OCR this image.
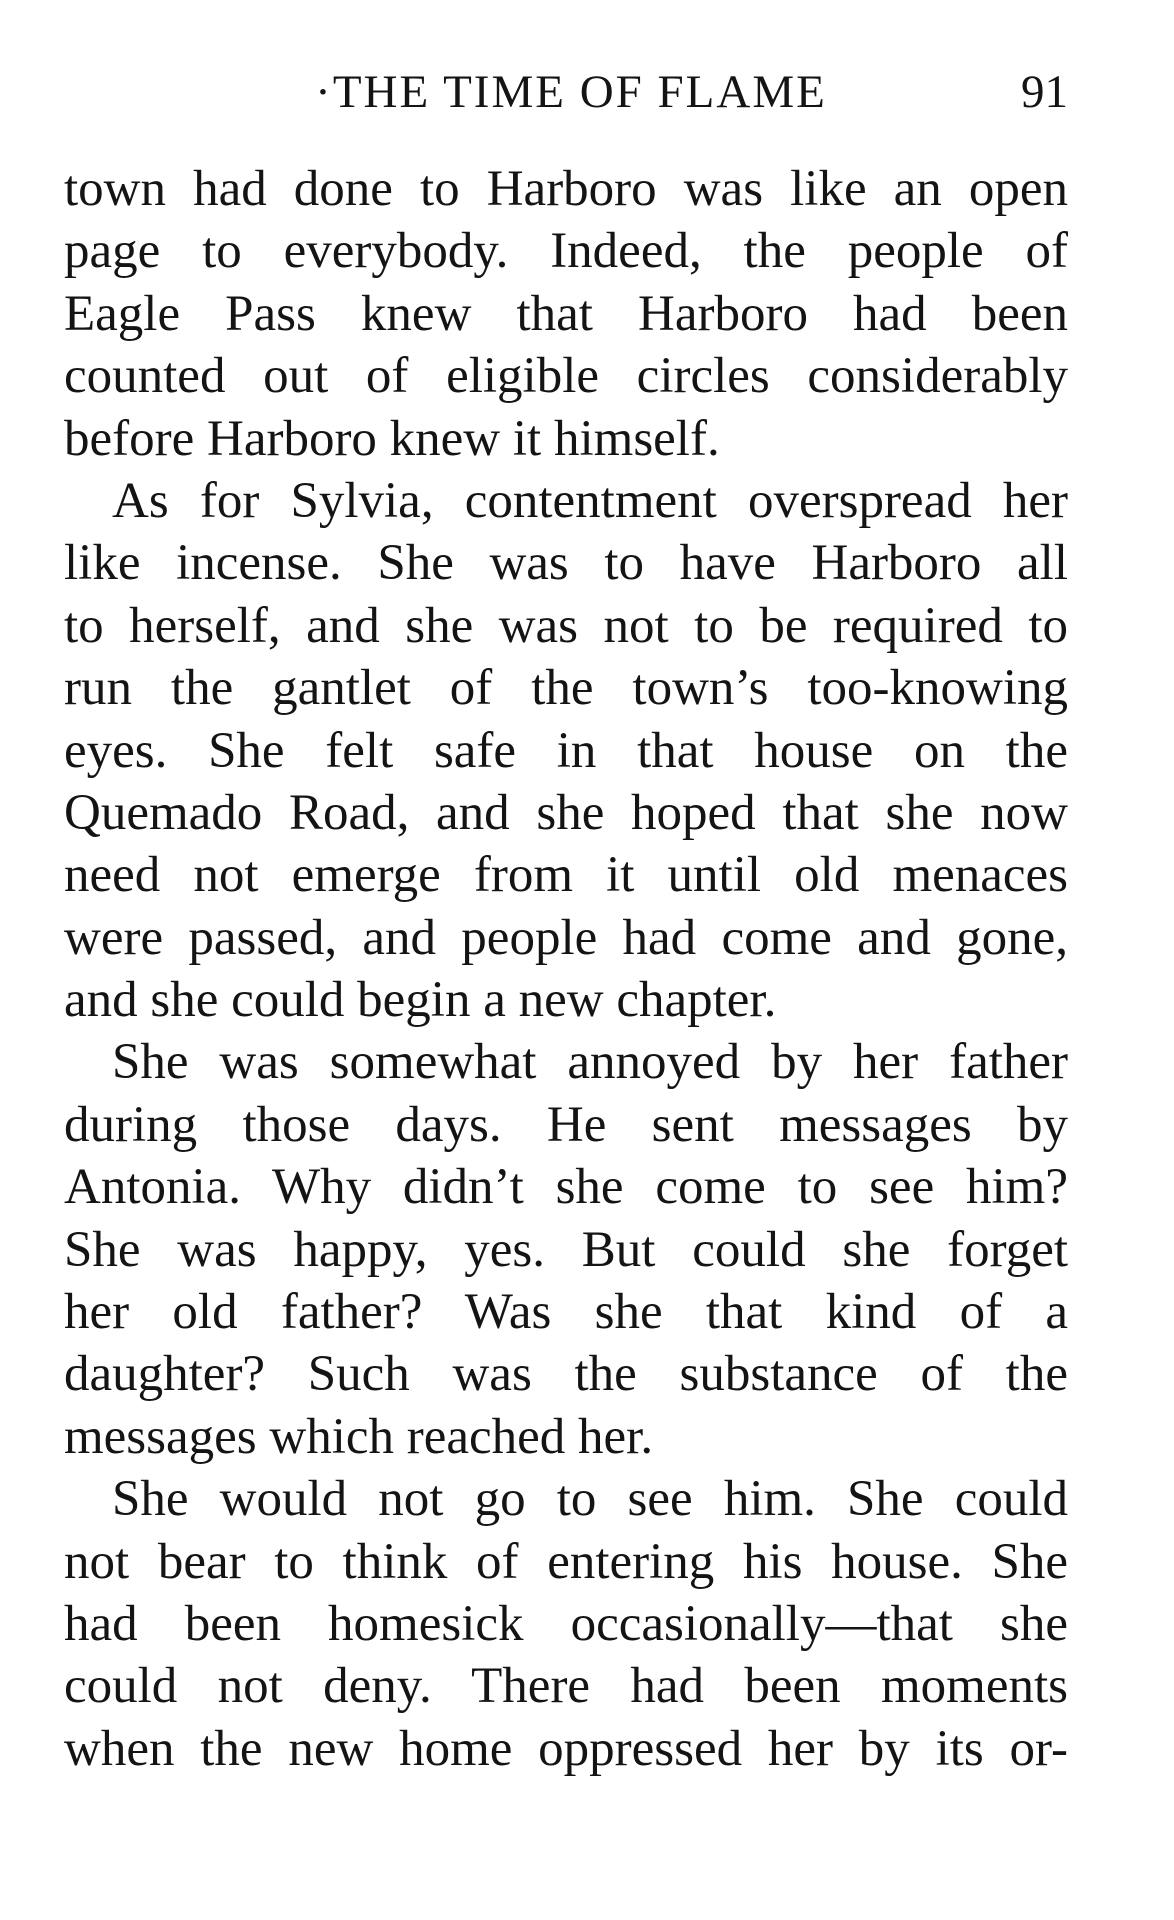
·THE TIME OF FLAME	91
town had done to Harboro was like an open
page to everybody. Indeed, the people of
Eagle Pass knew that Harboro had been
counted out of eligible circles considerably
before Harboro knew it himself.
As for Sylvia, contentment overspread her
like incense. She was to have Harboro all
to herself, and she was not to be required to
run the gantlet of the town’s too-knowing
eyes. She felt safe in that house on the
Quemado Road, and she hoped that she now
need not emerge from it until old menaces
were passed, and people had come and gone,
and she could begin a new chapter.
She was somewhat annoyed by her father
during those days. He sent messages by
Antonia. Why didn’t she come to see him?
She was happy, yes. But could she forget
her old father? Was she that kind of a
daughter? Such was the substance of the
messages which reached her.
She would not go to see him. She could
not bear to think of entering his house. She
had been homesick occasionally—that she
could not deny. There had been moments
when the new home oppressed her by its or-
